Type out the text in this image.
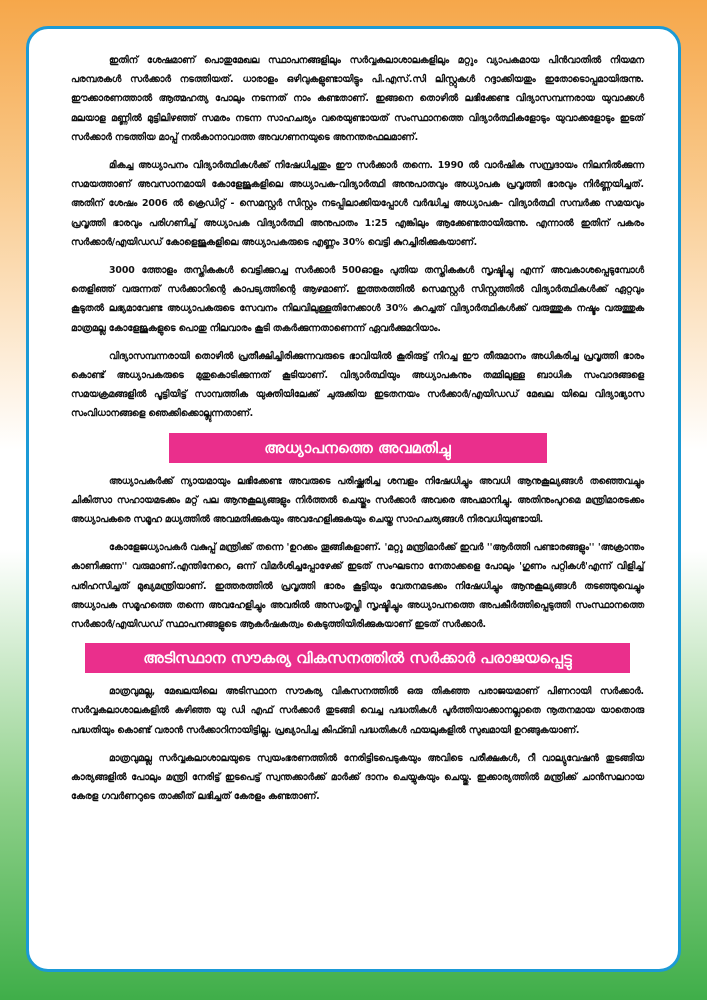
ഇതിന് ശേഷമാണ് പൊതുമേഖല സ്ഥാപനങ്ങളിലും സർവ്വകലാശാലകളിലും മറ്റും വ്യാപകമായ പിൻവാതിൽ നിയമന പരമ്പരകൾ സർക്കാർ നടത്തിയത്. ധാരാളം ഒഴിവുകളുണ്ടായിട്ടും പി.എസ്.സി ലിസ്റ്റുകൾ റദ്ദാക്കിയതും ഇതോടൊപ്പമായിരുന്നു. ഈക്കാരണത്താൽ ആത്മഹത്യ പോലും നടന്നത് നാം കണ്ടതാണ്. ഇങ്ങനെ തൊഴിൽ ലഭിക്കേണ്ട വിദ്യാസമ്പന്നരായ യുവാക്കൾ മലയാള മണ്ണിൽ മുട്ടിലിഴഞ്ഞ് സമരം നടന്ന സാഹചര്യം വരെയുണ്ടായത് സംസ്ഥാനത്തെ വിദ്യാർത്ഥികളോടും യുവാക്കളോടും ഇടത് സർക്കാർ നടത്തിയ മാപ്പ് നൽകാനാവാത്ത അവഗണനയുടെ അനന്തരഫലമാണ്.

മികച്ച അധ്യാപനം വിദ്യാർത്ഥികൾക്ക് നിഷേധിച്ചതും ഈ സർക്കാർ തന്നെ. 1990 ൽ വാർഷിക സമ്പ്രദായം നിലനിൽക്കുന്ന സമയത്താണ് അവസാനമായി കോളേജുകളിലെ അധ്യാപക-വിദ്യാർത്ഥി അനുപാതവും അധ്യാപക പ്രവൃത്തി ഭാരവും നിർണ്ണയിച്ചത്. അതിന് ശേഷം 2006 ൽ ക്രെഡിറ്റ് - സെമസ്റ്റർ സിസ്റ്റം നടപ്പിലാക്കിയപ്പോൾ വർദ്ധിച്ച അധ്യാപക- വിദ്യാർത്ഥി സമ്പർക്ക സമയവും പ്രവൃത്തി ഭാരവും പരിഗണിച്ച് അധ്യാപക വിദ്യാർത്ഥി അനുപാതം 1:25 എങ്കിലും ആക്കേണ്ടതായിരുന്നു. എന്നാൽ ഇതിന് പകരം സർക്കാർ/എയിഡഡ് കോളെജുകളിലെ അധ്യാപകരുടെ എണ്ണം 30% വെട്ടി കുറച്ചിരിക്കുകയാണ്.

3000 ത്തോളം തസ്തികകൾ വെട്ടിക്കുറച്ച സർക്കാർ 500ഓളം പുതിയ തസ്തികകൾ സൃഷ്ടിച്ചു എന്ന് അവകാശപ്പെടുമ്പോൾ തെളിഞ്ഞ് വരുന്നത് സർക്കാറിന്റെ കാപട്യത്തിന്റെ ആഴമാണ്. ഇത്തരത്തിൽ സെമസ്റ്റർ സിസ്റ്റത്തിൽ വിദ്യാർത്ഥികൾക്ക് ഏറ്റവും കൂടുതൽ ലഭ്യമാവേണ്ട അധ്യാപകരുടെ സേവനം നിലവിലുള്ളതിനേക്കാൾ 30% കുറച്ചത് വിദ്യാർത്ഥികൾക്ക് വരുത്തുക നഷ്ടം വരുത്തുക മാത്രമല്ല കോളേജുകളുടെ പൊതു നിലവാരം കൂടി തകർക്കുന്നതാണെന്ന് ഏവർക്കുമറിയാം.

വിദ്യാസമ്പന്നരായി തൊഴിൽ പ്രതീക്ഷിച്ചിരിക്കുന്നവരുടെ ഭാവിയിൽ കൂരിരുട്ട് നിറച്ച ഈ തീരുമാനം അധികരിച്ച പ്രവൃത്തി ഭാരം കൊണ്ട് അധ്യാപകരുടെ മുതുകൊടിക്കുന്നത് കൂടിയാണ്. വിദ്യാർത്ഥിയും അധ്യാപകനും തമ്മിലുള്ള ബാധിക സംവാദങ്ങളെ സമയക്രമങ്ങളിൽ പൂട്ടിയിട്ട് സാമ്പത്തിക യുക്തിയിലേക്ക് ചുരുക്കിയ ഇടതനയം സർക്കാർ/എയിഡഡ് മേഖല യിലെ വിദ്യാഭ്യാസ സംവിധാനങ്ങളെ ഞെക്കിക്കൊല്ലുന്നതാണ്.

അധ്യാപനത്തെ അവമതിച്ചു

അധ്യാപകർക്ക് ന്യായമായും ലഭിക്കേണ്ട അവരുടെ പരിഷ്ക്കരിച്ച ശമ്പളം നിഷേധിച്ചും അവധി ആനുകൂല്യങ്ങൾ തഞ്ഞെവച്ചും ചികിത്സാ സഹായമടക്കം മറ്റ് പല ആനുകൂല്യങ്ങളും നിർത്തൽ ചെയ്തും സർക്കാർ അവരെ അപമാനിച്ചു. അതിനുംപുറമെ മന്ത്രിമാരടക്കം അധ്യാപകരെ സമൂഹ മധ്യത്തിൽ അവമതിക്കുകയും അവഹേളിക്കുകയും ചെയ്ത സാഹചര്യങ്ങൾ നിരവധിയുണ്ടായി.

കോളേജധ്യാപകർ വകുപ്പ് മന്ത്രിക്ക് തന്നെ 'ഉറക്കം തൂങ്ങികളാണ്. 'മറ്റു മന്ത്രിമാർക്ക് ഇവർ ''ആർത്തി പണ്ടാരങ്ങളും'' 'അക്രാന്തം കാണിക്കുന്ന'' വരുമാണ്.എന്തിനേറെ, ഒന്ന് വിമർശിച്ചപ്പോഴേക്ക് ഇടത് സംഘടനാ നേതാക്കളെ പോലും 'ഗുണം പറ്റികൾ'എന്ന് വിളിച്ച് പരിഹസിച്ചത് മുഖ്യമന്ത്രിയാണ്. ഇത്തരത്തിൽ പ്രവൃത്തി ഭാരം കൂട്ടിയും വേതനമടക്കം നിഷേധിച്ചും ആനുകൂല്യങ്ങൾ തടഞ്ഞുവെച്ചും അധ്യാപക സമൂഹത്തെ തന്നെ അവഹേളിച്ചും അവരിൽ അസംതൃപ്തി സൃഷ്ടിച്ചും അധ്യാപനത്തെ അപകീർത്തിപ്പെടുത്തി സംസ്ഥാനത്തെ സർക്കാർ/എയിഡഡ് സ്ഥാപനങ്ങളുടെ ആകർഷകത്വം കെടുത്തിയിരിക്കുകയാണ് ഇടത് സർക്കാർ.

അടിസ്ഥാന സൗകര്യ വികസനത്തിൽ സർക്കാർ പരാജയപ്പെട്ടു

മാത്രവുമല്ല, മേഖലയിലെ അടിസ്ഥാന സൗകര്യ വികസനത്തിൽ ഒരു തികഞ്ഞ പരാജയമാണ് പിണറായി സർക്കാർ. സർവ്വകലാശാലകളിൽ കഴിഞ്ഞ യു ഡി എഫ് സർക്കാർ തുടങ്ങി വെച്ച പദ്ധതികൾ പൂർത്തിയാക്കാനല്ലാതെ നൂതനമായ യാതൊരു പദ്ധതിയും കൊണ്ട് വരാൻ സർക്കാറിനായിട്ടില്ല. പ്രഖ്യാപിച്ച കിഫ്ബി പദ്ധതികൾ ഫയലുകളിൽ സുഖമായി ഉറങ്ങുകയാണ്.

മാത്രവുമല്ല സർവ്വകലാശാലയുടെ സ്വയംഭരണത്തിൽ നേരിട്ടിടപെടുകയും അവിടെ പരീക്ഷകൾ, റീ വാല്യുവേഷൻ തുടങ്ങിയ കാര്യങ്ങളിൽ പോലും മന്ത്രി നേരിട്ട് ഇടപെട്ട് സ്വന്തക്കാർക്ക് മാർക്ക് ദാനം ചെയ്യുകയും ചെയ്തു. ഇക്കാര്യത്തിൽ മന്ത്രിക്ക് ചാൻസലറായ കേരള ഗവർണറുടെ താക്കീത് ലഭിച്ചത് കേരളം കണ്ടതാണ്.
